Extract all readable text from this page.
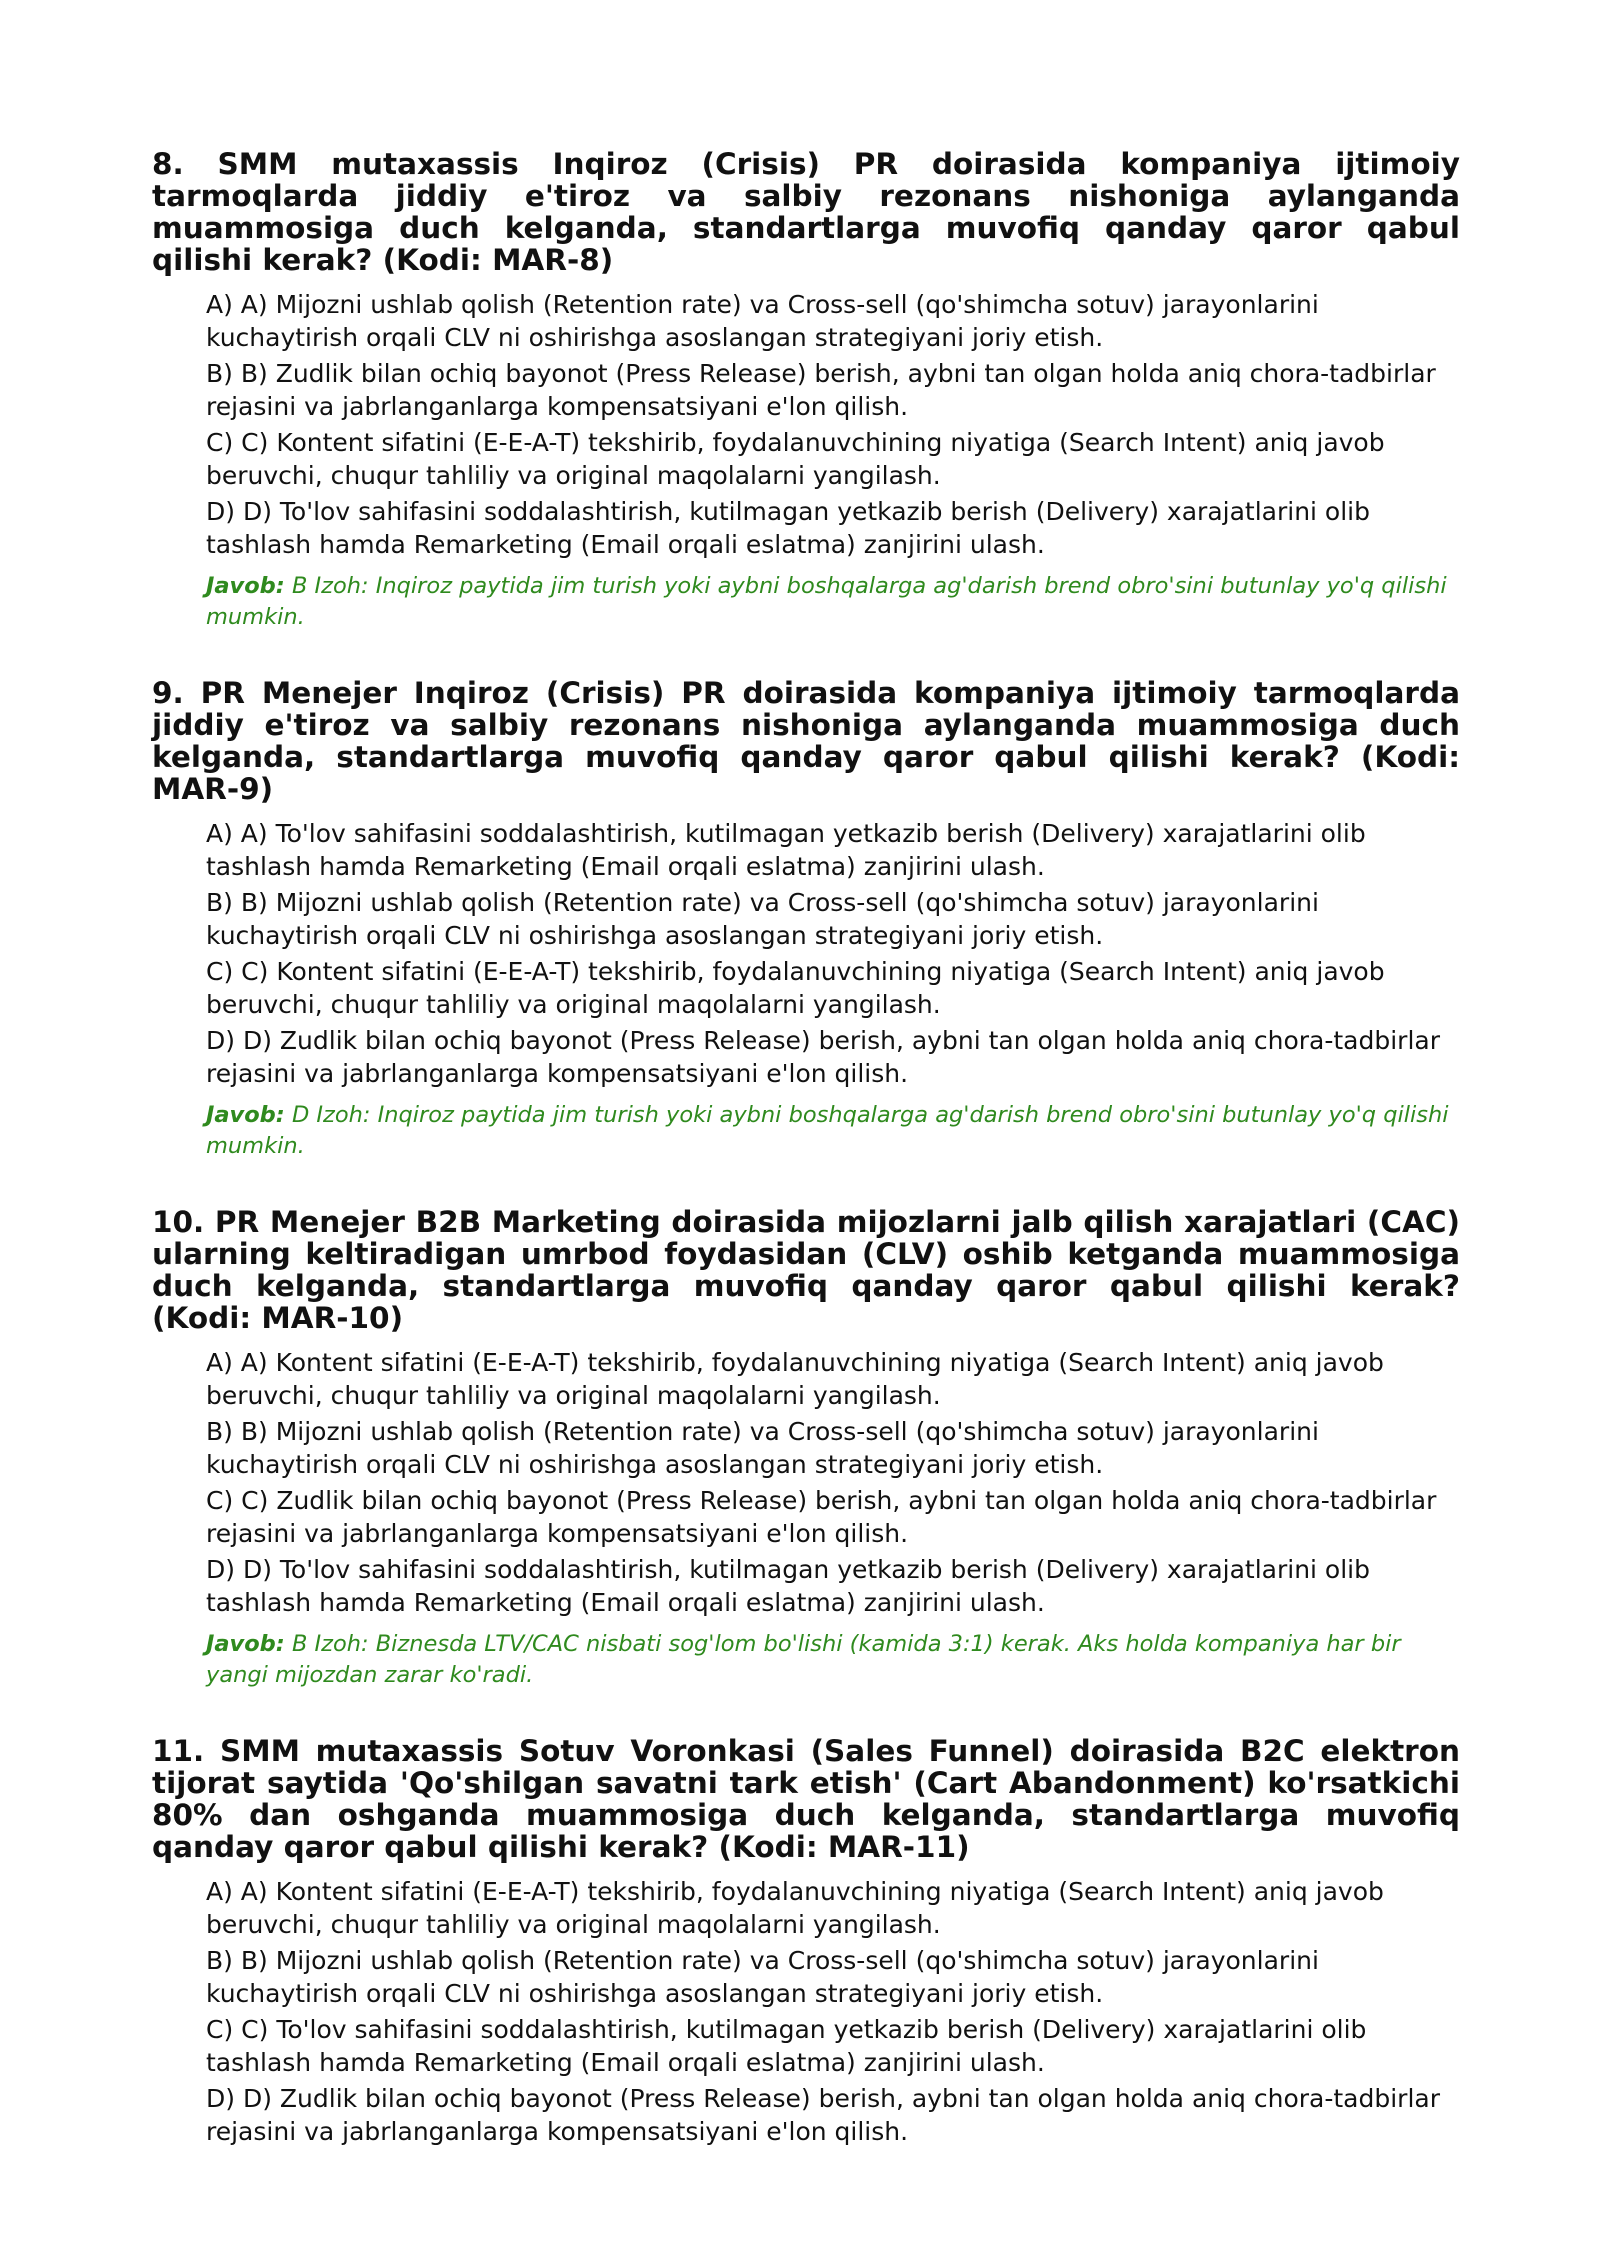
8. SMM mutaxassis Inqiroz (Crisis) PR doirasida kompaniya ijtimoiy tarmoqlarda jiddiy e'tiroz va salbiy rezonans nishoniga aylanganda muammosiga duch kelganda, standartlarga muvofiq qanday qaror qabul qilishi kerak? (Kodi: MAR-8)
A) A) Mijozni ushlab qolish (Retention rate) va Cross-sell (qo'shimcha sotuv) jarayonlarini kuchaytirish orqali CLV ni oshirishga asoslangan strategiyani joriy etish.
B) B) Zudlik bilan ochiq bayonot (Press Release) berish, aybni tan olgan holda aniq chora-tadbirlar rejasini va jabrlanganlarga kompensatsiyani e'lon qilish.
C) C) Kontent sifatini (E-E-A-T) tekshirib, foydalanuvchining niyatiga (Search Intent) aniq javob beruvchi, chuqur tahliliy va original maqolalarni yangilash.
D) D) To'lov sahifasini soddalashtirish, kutilmagan yetkazib berish (Delivery) xarajatlarini olib tashlash hamda Remarketing (Email orqali eslatma) zanjirini ulash.
Javob: B Izoh: Inqiroz paytida jim turish yoki aybni boshqalarga ag'darish brend obro'sini butunlay yo'q qilishi mumkin.
9. PR Menejer Inqiroz (Crisis) PR doirasida kompaniya ijtimoiy tarmoqlarda jiddiy e'tiroz va salbiy rezonans nishoniga aylanganda muammosiga duch kelganda, standartlarga muvofiq qanday qaror qabul qilishi kerak? (Kodi: MAR-9)
A) A) To'lov sahifasini soddalashtirish, kutilmagan yetkazib berish (Delivery) xarajatlarini olib tashlash hamda Remarketing (Email orqali eslatma) zanjirini ulash.
B) B) Mijozni ushlab qolish (Retention rate) va Cross-sell (qo'shimcha sotuv) jarayonlarini kuchaytirish orqali CLV ni oshirishga asoslangan strategiyani joriy etish.
C) C) Kontent sifatini (E-E-A-T) tekshirib, foydalanuvchining niyatiga (Search Intent) aniq javob beruvchi, chuqur tahliliy va original maqolalarni yangilash.
D) D) Zudlik bilan ochiq bayonot (Press Release) berish, aybni tan olgan holda aniq chora-tadbirlar rejasini va jabrlanganlarga kompensatsiyani e'lon qilish.
Javob: D Izoh: Inqiroz paytida jim turish yoki aybni boshqalarga ag'darish brend obro'sini butunlay yo'q qilishi mumkin.
10. PR Menejer B2B Marketing doirasida mijozlarni jalb qilish xarajatlari (CAC) ularning keltiradigan umrbod foydasidan (CLV) oshib ketganda muammosiga duch kelganda, standartlarga muvofiq qanday qaror qabul qilishi kerak? (Kodi: MAR-10)
A) A) Kontent sifatini (E-E-A-T) tekshirib, foydalanuvchining niyatiga (Search Intent) aniq javob beruvchi, chuqur tahliliy va original maqolalarni yangilash.
B) B) Mijozni ushlab qolish (Retention rate) va Cross-sell (qo'shimcha sotuv) jarayonlarini kuchaytirish orqali CLV ni oshirishga asoslangan strategiyani joriy etish.
C) C) Zudlik bilan ochiq bayonot (Press Release) berish, aybni tan olgan holda aniq chora-tadbirlar rejasini va jabrlanganlarga kompensatsiyani e'lon qilish.
D) D) To'lov sahifasini soddalashtirish, kutilmagan yetkazib berish (Delivery) xarajatlarini olib tashlash hamda Remarketing (Email orqali eslatma) zanjirini ulash.
Javob: B Izoh: Biznesda LTV/CAC nisbati sog'lom bo'lishi (kamida 3:1) kerak. Aks holda kompaniya har bir yangi mijozdan zarar ko'radi.
11. SMM mutaxassis Sotuv Voronkasi (Sales Funnel) doirasida B2C elektron tijorat saytida 'Qo'shilgan savatni tark etish' (Cart Abandonment) ko'rsatkichi 80% dan oshganda muammosiga duch kelganda, standartlarga muvofiq qanday qaror qabul qilishi kerak? (Kodi: MAR-11)
A) A) Kontent sifatini (E-E-A-T) tekshirib, foydalanuvchining niyatiga (Search Intent) aniq javob beruvchi, chuqur tahliliy va original maqolalarni yangilash.
B) B) Mijozni ushlab qolish (Retention rate) va Cross-sell (qo'shimcha sotuv) jarayonlarini kuchaytirish orqali CLV ni oshirishga asoslangan strategiyani joriy etish.
C) C) To'lov sahifasini soddalashtirish, kutilmagan yetkazib berish (Delivery) xarajatlarini olib tashlash hamda Remarketing (Email orqali eslatma) zanjirini ulash.
D) D) Zudlik bilan ochiq bayonot (Press Release) berish, aybni tan olgan holda aniq chora-tadbirlar rejasini va jabrlanganlarga kompensatsiyani e'lon qilish.
